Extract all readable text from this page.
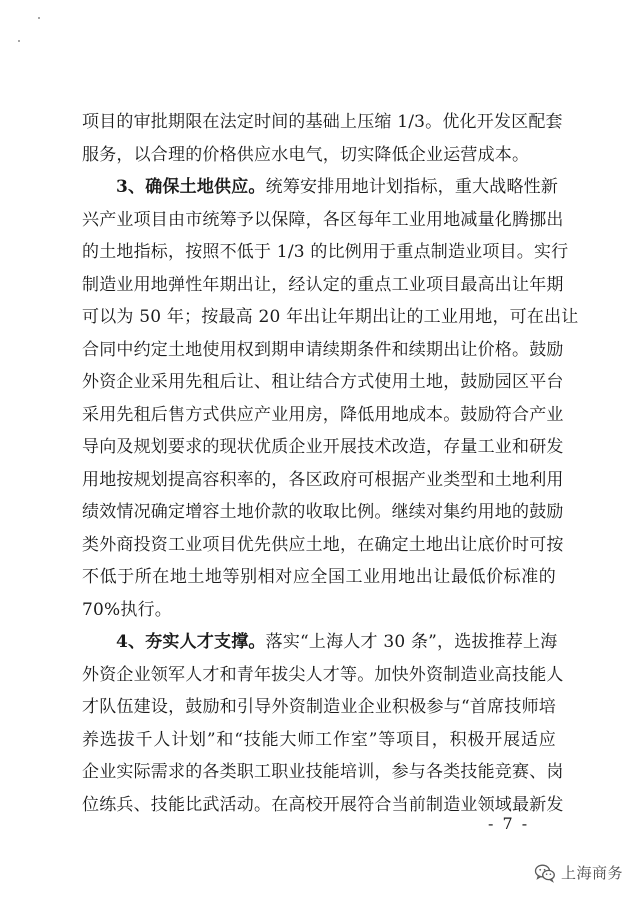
项目的审批期限在法定时间的基础上压缩 1/3。优化开发区配套
服务，以合理的价格供应水电气，切实降低企业运营成本。
3、确保土地供应。统筹安排用地计划指标，重大战略性新
兴产业项目由市统筹予以保障，各区每年工业用地减量化腾挪出
的土地指标，按照不低于 1/3 的比例用于重点制造业项目。实行
制造业用地弹性年期出让，经认定的重点工业项目最高出让年期
可以为 50 年；按最高 20 年出让年期出让的工业用地，可在出让
合同中约定土地使用权到期申请续期条件和续期出让价格。鼓励
外资企业采用先租后让、租让结合方式使用土地，鼓励园区平台
采用先租后售方式供应产业用房，降低用地成本。鼓励符合产业
导向及规划要求的现状优质企业开展技术改造，存量工业和研发
用地按规划提高容积率的，各区政府可根据产业类型和土地利用
绩效情况确定增容土地价款的收取比例。继续对集约用地的鼓励
类外商投资工业项目优先供应土地，在确定土地出让底价时可按
不低于所在地土地等别相对应全国工业用地出让最低价标准的
70%执行。
4、夯实人才支撑。落实“上海人才 30 条”，选拔推荐上海
外资企业领军人才和青年拔尖人才等。加快外资制造业高技能人
才队伍建设，鼓励和引导外资制造业企业积极参与“首席技师培
养选拔千人计划”和“技能大师工作室”等项目，积极开展适应
企业实际需求的各类职工职业技能培训，参与各类技能竞赛、岗
位练兵、技能比武活动。在高校开展符合当前制造业领域最新发
- 7 -
上海商务
